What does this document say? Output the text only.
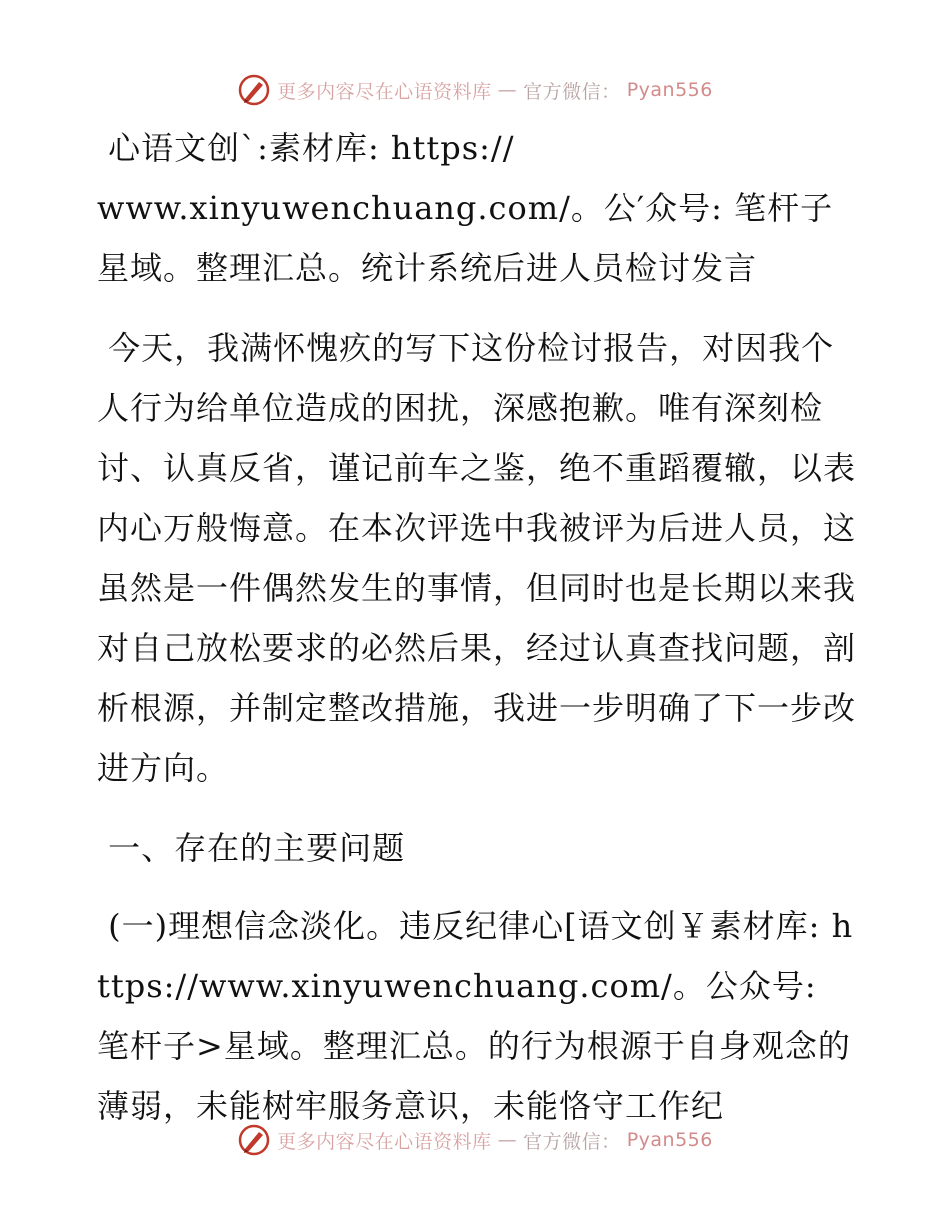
更多内容尽在心语资料库 — 官方微信： Pyan556

心语文创`:素材库: https://
www.xinyuwenchuang.com/。公′众号: 笔杆子星域。整理汇总。统计系统后进人员检讨发言

今天，我满怀愧疚的写下这份检讨报告，对因我个人行为给单位造成的困扰，深感抱歉。唯有深刻检讨、认真反省，谨记前车之鉴，绝不重蹈覆辙，以表内心万般悔意。在本次评选中我被评为后进人员，这虽然是一件偶然发生的事情，但同时也是长期以来我对自己放松要求的必然后果，经过认真查找问题，剖析根源，并制定整改措施，我进一步明确了下一步改进方向。

一、存在的主要问题

(一)理想信念淡化。违反纪律心[语文创￥素材库: https://www.xinyuwenchuang.com/。公众号: 笔杆子>星域。整理汇总。的行为根源于自身观念的薄弱，未能树牢服务意识，未能恪守工作纪

更多内容尽在心语资料库 — 官方微信： Pyan556
